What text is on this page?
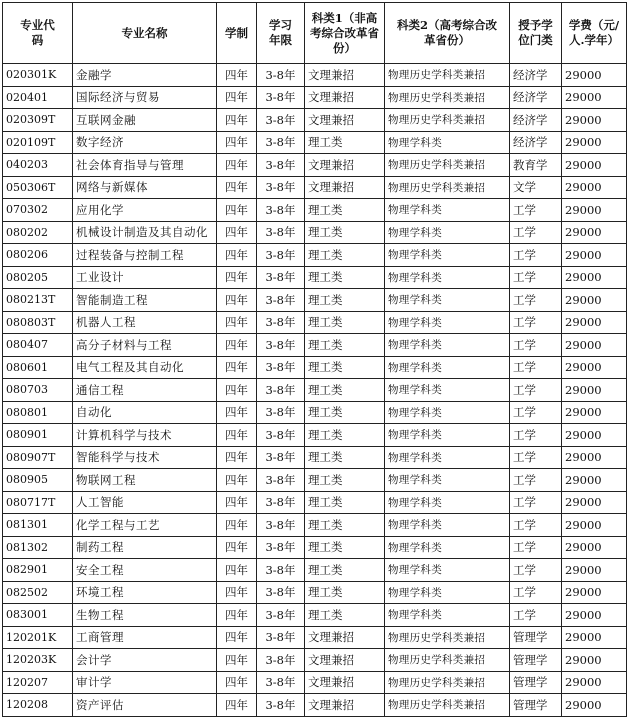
专业代码	专业名称	学制	学习年限	科类1（非高考综合改革省份）	科类2（高考综合改革省份）	授予学位门类	学费（元/人.学年）
020301K	金融学	四年	3-8年	文理兼招	物理历史学科类兼招	经济学	29000
020401	国际经济与贸易	四年	3-8年	文理兼招	物理历史学科类兼招	经济学	29000
020309T	互联网金融	四年	3-8年	文理兼招	物理历史学科类兼招	经济学	29000
020109T	数字经济	四年	3-8年	理工类	物理学科类	经济学	29000
040203	社会体育指导与管理	四年	3-8年	文理兼招	物理历史学科类兼招	教育学	29000
050306T	网络与新媒体	四年	3-8年	文理兼招	物理历史学科类兼招	文学	29000
070302	应用化学	四年	3-8年	理工类	物理学科类	工学	29000
080202	机械设计制造及其自动化	四年	3-8年	理工类	物理学科类	工学	29000
080206	过程装备与控制工程	四年	3-8年	理工类	物理学科类	工学	29000
080205	工业设计	四年	3-8年	理工类	物理学科类	工学	29000
080213T	智能制造工程	四年	3-8年	理工类	物理学科类	工学	29000
080803T	机器人工程	四年	3-8年	理工类	物理学科类	工学	29000
080407	高分子材料与工程	四年	3-8年	理工类	物理学科类	工学	29000
080601	电气工程及其自动化	四年	3-8年	理工类	物理学科类	工学	29000
080703	通信工程	四年	3-8年	理工类	物理学科类	工学	29000
080801	自动化	四年	3-8年	理工类	物理学科类	工学	29000
080901	计算机科学与技术	四年	3-8年	理工类	物理学科类	工学	29000
080907T	智能科学与技术	四年	3-8年	理工类	物理学科类	工学	29000
080905	物联网工程	四年	3-8年	理工类	物理学科类	工学	29000
080717T	人工智能	四年	3-8年	理工类	物理学科类	工学	29000
081301	化学工程与工艺	四年	3-8年	理工类	物理学科类	工学	29000
081302	制药工程	四年	3-8年	理工类	物理学科类	工学	29000
082901	安全工程	四年	3-8年	理工类	物理学科类	工学	29000
082502	环境工程	四年	3-8年	理工类	物理学科类	工学	29000
083001	生物工程	四年	3-8年	理工类	物理学科类	工学	29000
120201K	工商管理	四年	3-8年	文理兼招	物理历史学科类兼招	管理学	29000
120203K	会计学	四年	3-8年	文理兼招	物理历史学科类兼招	管理学	29000
120207	审计学	四年	3-8年	文理兼招	物理历史学科类兼招	管理学	29000
120208	资产评估	四年	3-8年	文理兼招	物理历史学科类兼招	管理学	29000
